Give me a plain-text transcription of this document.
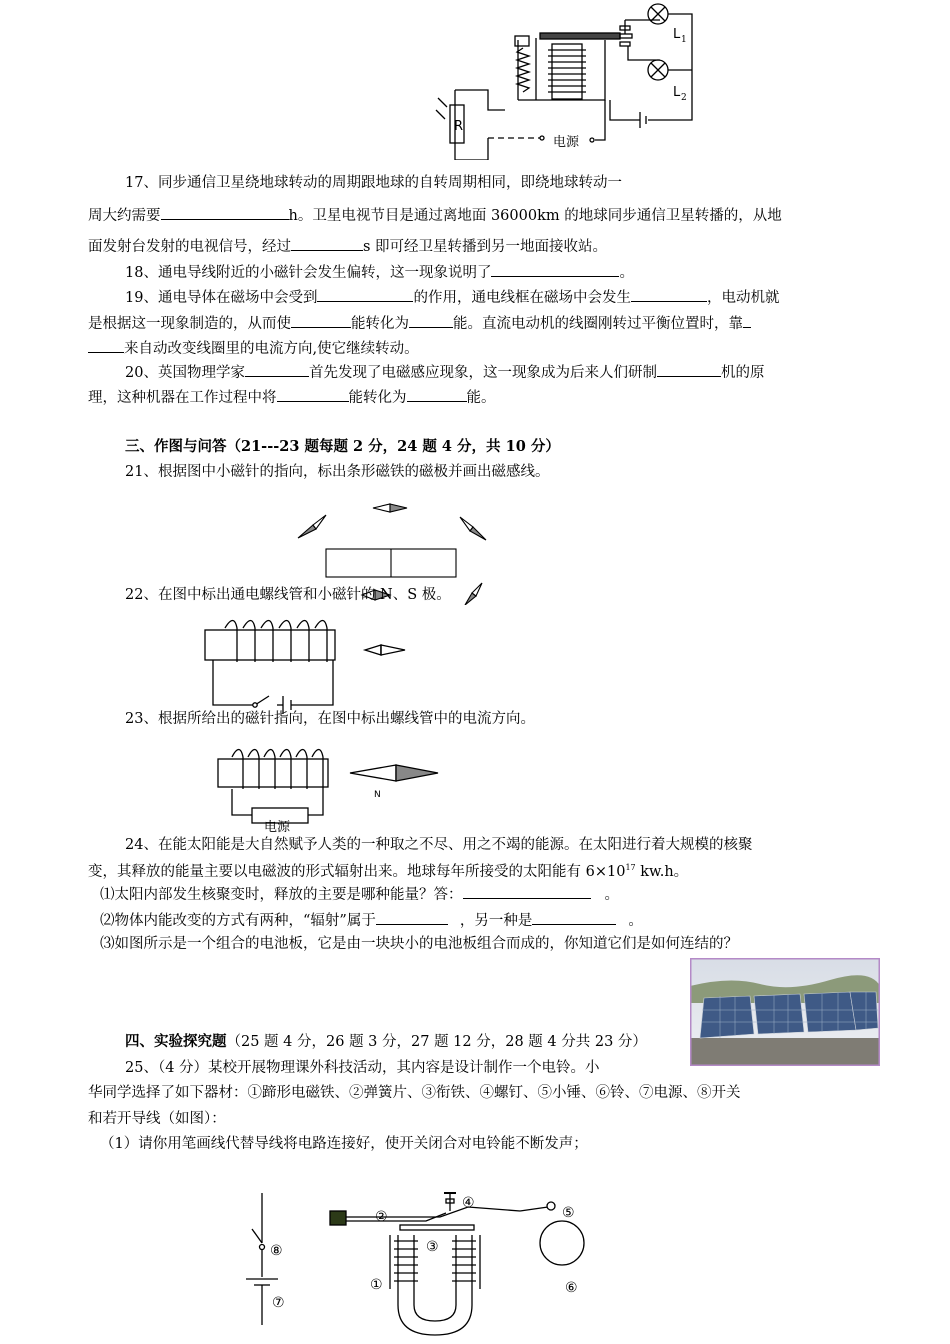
R
L 1
L 2
电源
17、同步通信卫星绕地球转动的周期跟地球的自转周期相同，即绕地球转动一
周大约需要	h。卫星电视节目是通过离地面 36000km 的地球同步通信卫星转播的，从地
面发射台发射的电视信号，经过	s 即可经卫星转播到另一地面接收站。
18、通电导线附近的小磁针会发生偏转，这一现象说明了	。
19、通电导体在磁场中会受到	的作用，通电线框在磁场中会发生	，电动机就
是根据这一现象制造的，从而使	能转化为	能。直流电动机的线圈刚转过平衡位置时，靠
来自动改变线圈里的电流方向,使它继续转动。
20、英国物理学家	首先发现了电磁感应现象，这一现象成为后来人们研制	机的原
理，这种机器在工作过程中将	能转化为	能。
三、作图与问答（21---23 题每题 2 分，24 题 4 分，共 10 分）
21、根据图中小磁针的指向，标出条形磁铁的磁极并画出磁感线。
22、在图中标出通电螺线管和小磁针的 N、S 极。
23、根据所给出的磁针指向，在图中标出螺线管中的电流方向。
N
电源
24、在能太阳能是大自然赋予人类的一种取之不尽、用之不竭的能源。在太阳进行着大规模的核聚
变，其释放的能量主要以电磁波的形式辐射出来。地球每年所接受的太阳能有 $6\times 10^{17}$ kw.h。
⑴太阳内部发生核聚变时，释放的主要是哪种能量？答：	。
⑵物体内能改变的方式有两种，“辐射”属于	，另一种是	。
⑶如图所示是一个组合的电池板，它是由一块块小的电池板组合而成的，你知道它们是如何连结的？
四、实验探究题（25 题 4 分，26 题 3 分，27 题 12 分，28 题 4 分共 23 分）
25、（4 分）某校开展物理课外科技活动，其内容是设计制作一个电铃。小
华同学选择了如下器材：①蹄形电磁铁、②弹簧片、③衔铁、④螺钉、⑤小锤、⑥铃、⑦电源、⑧开关
和若开导线（如图）：
（1）请你用笔画线代替导线将电路连接好，使开关闭合对电铃能不断发声；
⑧
⑦
②
④
③
①
⑤
⑥
